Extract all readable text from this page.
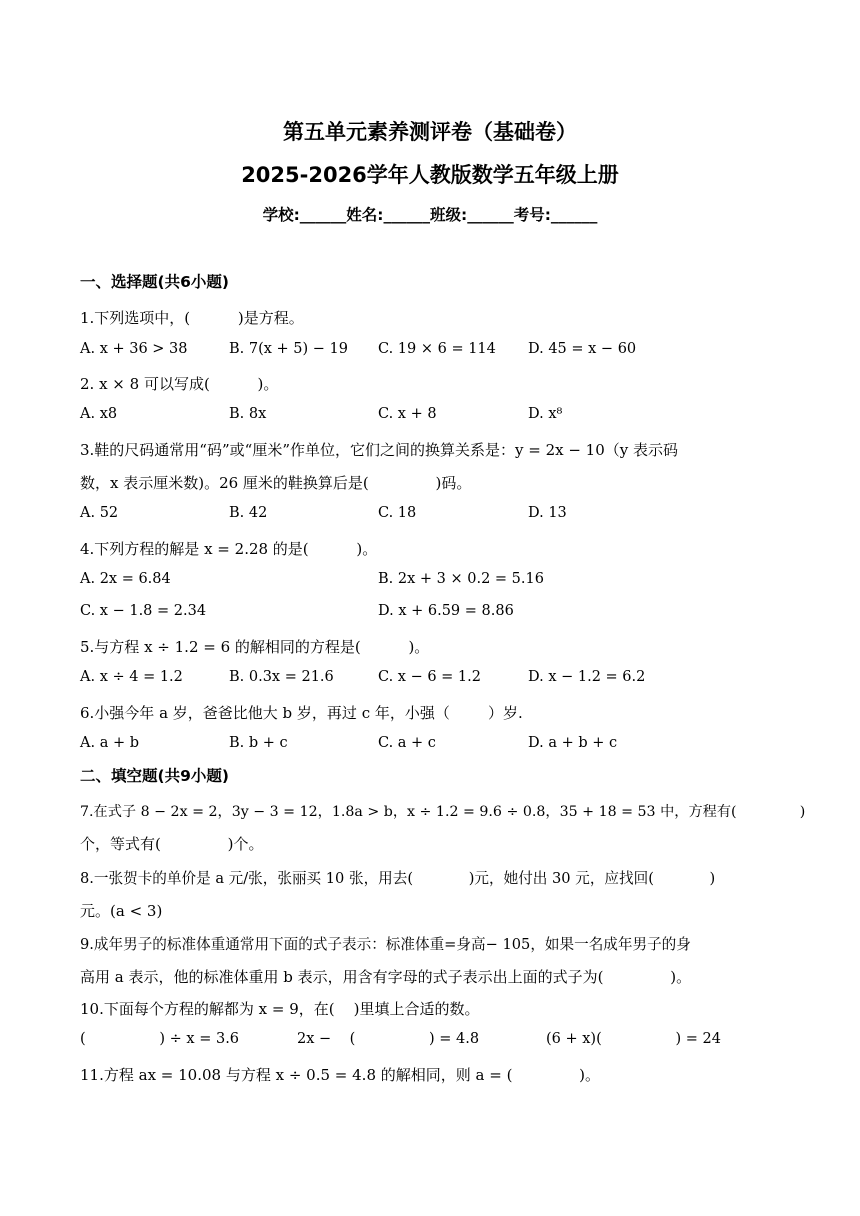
第五单元素养测评卷（基础卷）
2025-2026学年人教版数学五年级上册
学校:______姓名:______班级:______考号:______
一、选择题(共6小题)
1.下列选项中，(          )是方程。
A. x + 36 > 38	B. 7(x + 5) − 19 C. 19 × 6 = 114 D. 45 = x − 60
2. x × 8 可以写成(          )。
A. x8	B. 8x	C. x + 8	D. x⁸
3.鞋的尺码通常用“码”或“厘米”作单位，它们之间的换算关系是：y = 2x − 10（y 表示码
数，x 表示厘米数)。26 厘米的鞋换算后是(              )码。
A. 52	B. 42	C. 18	D. 13
4.下列方程的解是 x = 2.28 的是(          )。
A. 2x = 6.84	B. 2x + 3 × 0.2 = 5.16
C. x − 1.8 = 2.34	D. x + 6.59 = 8.86
5.与方程 x ÷ 1.2 = 6 的解相同的方程是(          )。
A. x ÷ 4 = 1.2	B. 0.3x = 21.6	C. x − 6 = 1.2	D. x − 1.2 = 6.2
6.小强今年 a 岁，爸爸比他大 b 岁，再过 c 年，小强（        ）岁.
A. a + b	B. b + c	C. a + c	D. a + b + c
二、填空题(共9小题)
7.在式子 8 − 2x = 2，3y − 3 = 12，1.8a > b，x ÷ 1.2 = 9.6 ÷ 0.8，35 + 18 = 53 中，方程有(              )
个，等式有(              )个。
8.一张贺卡的单价是 a 元/张，张丽买 10 张，用去(            )元，她付出 30 元，应找回(            )
元。(a < 3)
9.成年男子的标准体重通常用下面的式子表示：标准体重=身高− 105，如果一名成年男子的身
高用 a 表示，他的标准体重用 b 表示，用含有字母的式子表示出上面的式子为(              )。
10.下面每个方程的解都为 x = 9，在(    )里填上合适的数。
(                ) ÷ x = 3.6	2x −    (                ) = 4.8	(6 + x)(                ) = 24
11.方程 ax = 10.08 与方程 x ÷ 0.5 = 4.8 的解相同，则 a = (              )。
